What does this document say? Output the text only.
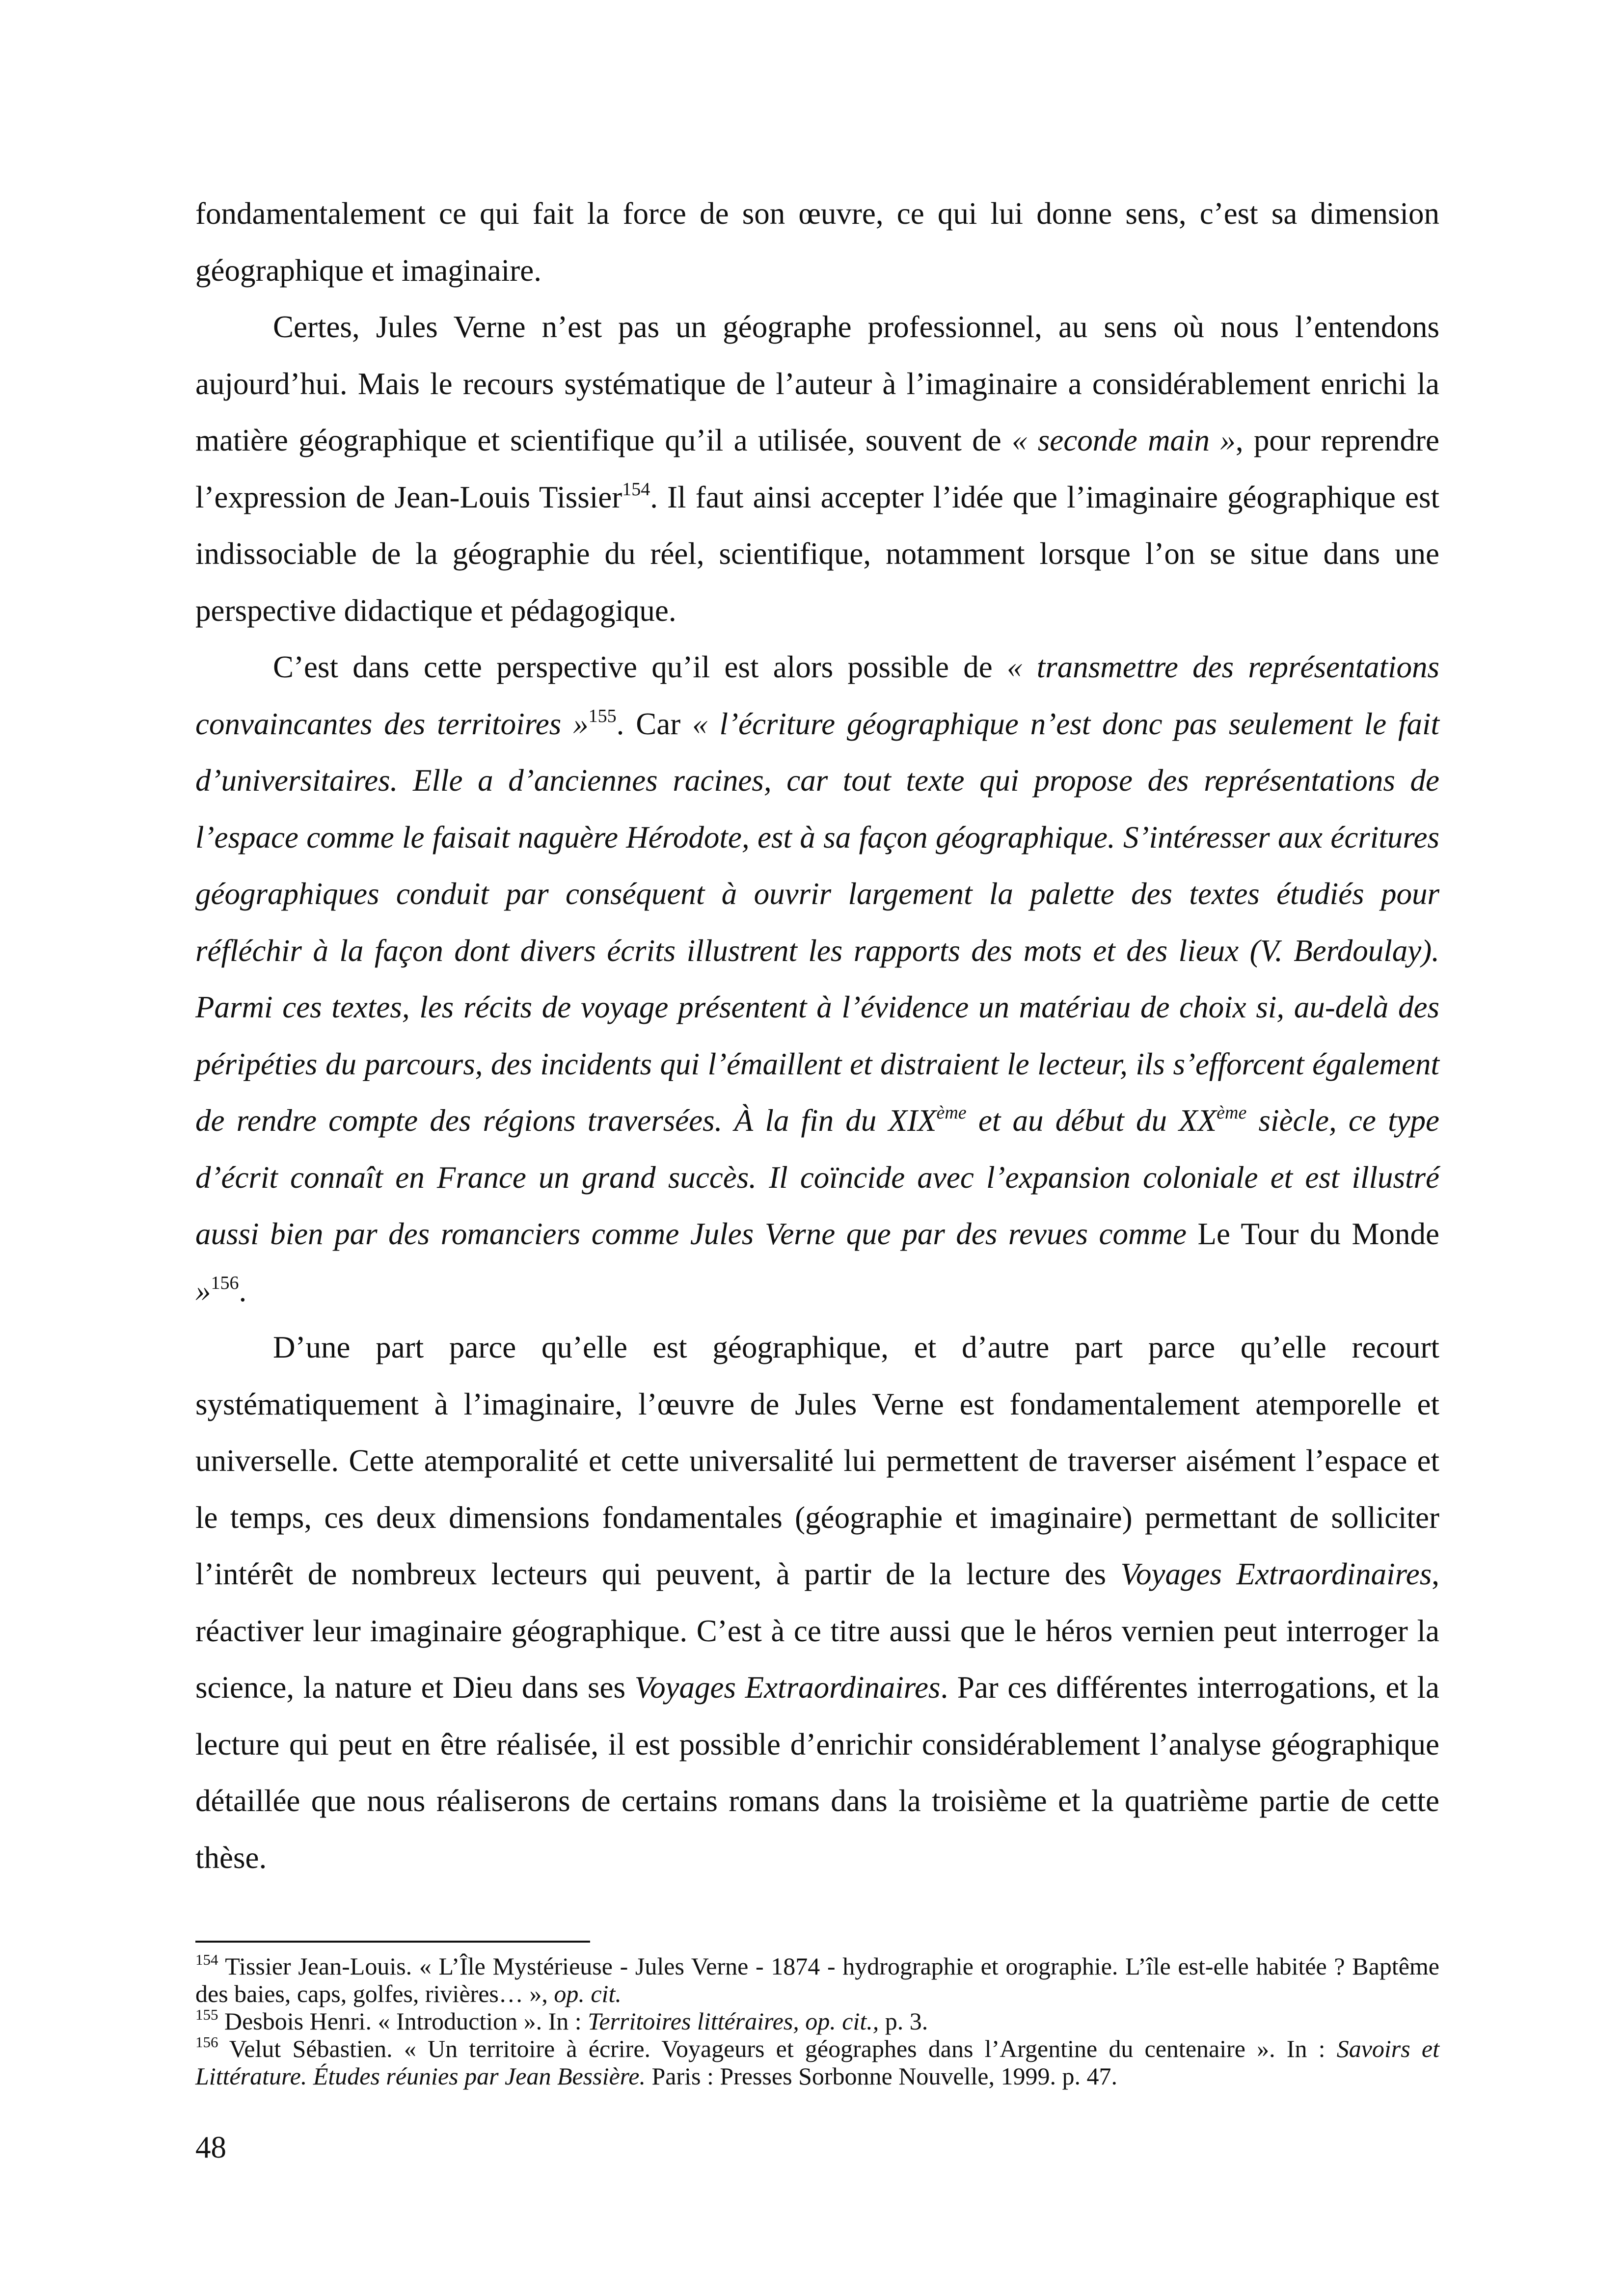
fondamentalement ce qui fait la force de son œuvre, ce qui lui donne sens, c’est sa dimension géographique et imaginaire.

Certes, Jules Verne n’est pas un géographe professionnel, au sens où nous l’entendons aujourd’hui. Mais le recours systématique de l’auteur à l’imaginaire a considérablement enrichi la matière géographique et scientifique qu’il a utilisée, souvent de « seconde main », pour reprendre l’expression de Jean-Louis Tissier$^{154}$. Il faut ainsi accepter l’idée que l’imaginaire géographique est indissociable de la géographie du réel, scientifique, notamment lorsque l’on se situe dans une perspective didactique et pédagogique.

C’est dans cette perspective qu’il est alors possible de « transmettre des représentations convaincantes des territoires »$^{155}$. Car « l’écriture géographique n’est donc pas seulement le fait d’universitaires. Elle a d’anciennes racines, car tout texte qui propose des représentations de l’espace comme le faisait naguère Hérodote, est à sa façon géographique. S’intéresser aux écritures géographiques conduit par conséquent à ouvrir largement la palette des textes étudiés pour réfléchir à la façon dont divers écrits illustrent les rapports des mots et des lieux (V. Berdoulay). Parmi ces textes, les récits de voyage présentent à l’évidence un matériau de choix si, au-delà des péripéties du parcours, des incidents qui l’émaillent et distraient le lecteur, ils s’efforcent également de rendre compte des régions traversées. À la fin du XIXème et au début du XXème siècle, ce type d’écrit connaît en France un grand succès. Il coïncide avec l’expansion coloniale et est illustré aussi bien par des romanciers comme Jules Verne que par des revues comme Le Tour du Monde »$^{156}$.

D’une part parce qu’elle est géographique, et d’autre part parce qu’elle recourt systématiquement à l’imaginaire, l’œuvre de Jules Verne est fondamentalement atemporelle et universelle. Cette atemporalité et cette universalité lui permettent de traverser aisément l’espace et le temps, ces deux dimensions fondamentales (géographie et imaginaire) permettant de solliciter l’intérêt de nombreux lecteurs qui peuvent, à partir de la lecture des Voyages Extraordinaires, réactiver leur imaginaire géographique. C’est à ce titre aussi que le héros vernien peut interroger la science, la nature et Dieu dans ses Voyages Extraordinaires. Par ces différentes interrogations, et la lecture qui peut en être réalisée, il est possible d’enrichir considérablement l’analyse géographique détaillée que nous réaliserons de certains romans dans la troisième et la quatrième partie de cette thèse.

$^{154}$ Tissier Jean-Louis. « L’Île Mystérieuse - Jules Verne - 1874 - hydrographie et orographie. L’île est-elle habitée ? Baptême des baies, caps, golfes, rivières… », op. cit.

$^{155}$ Desbois Henri. « Introduction ». In : Territoires littéraires, op. cit., p. 3.

$^{156}$ Velut Sébastien. « Un territoire à écrire. Voyageurs et géographes dans l’Argentine du centenaire ». In : Savoirs et Littérature. Études réunies par Jean Bessière. Paris : Presses Sorbonne Nouvelle, 1999. p. 47.

48
